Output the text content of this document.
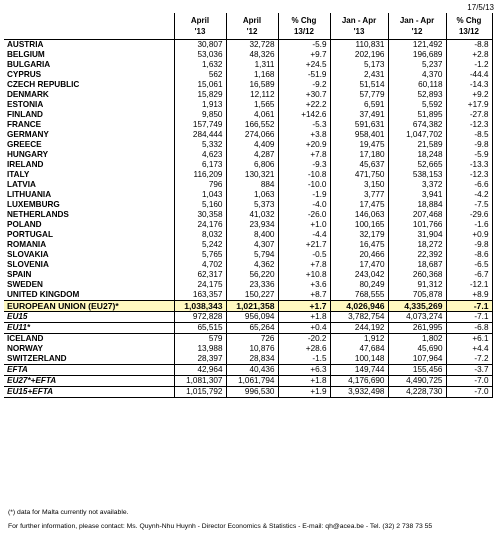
17/5/13
	April	April	% Chg	Jan - Apr	Jan - Apr	% Chg
	'13	'12	13/12	'13	'12	13/12
AUSTRIA	30,807	32,728	-5.9	110,831	121,492	-8.8
BELGIUM	53,036	48,326	+9.7	202,196	196,689	+2.8
BULGARIA	1,632	1,311	+24.5	5,173	5,237	-1.2
CYPRUS	562	1,168	-51.9	2,431	4,370	-44.4
CZECH REPUBLIC	15,061	16,589	-9.2	51,514	60,118	-14.3
DENMARK	15,829	12,112	+30.7	57,779	52,893	+9.2
ESTONIA	1,913	1,565	+22.2	6,591	5,592	+17.9
FINLAND	9,850	4,061	+142.6	37,491	51,895	-27.8
FRANCE	157,749	166,552	-5.3	591,631	674,382	-12.3
GERMANY	284,444	274,066	+3.8	958,401	1,047,702	-8.5
GREECE	5,332	4,409	+20.9	19,475	21,589	-9.8
HUNGARY	4,623	4,287	+7.8	17,180	18,248	-5.9
IRELAND	6,173	6,806	-9.3	45,637	52,665	-13.3
ITALY	116,209	130,321	-10.8	471,750	538,153	-12.3
LATVIA	796	884	-10.0	3,150	3,372	-6.6
LITHUANIA	1,043	1,063	-1.9	3,777	3,941	-4.2
LUXEMBURG	5,160	5,373	-4.0	17,475	18,884	-7.5
NETHERLANDS	30,358	41,032	-26.0	146,063	207,468	-29.6
POLAND	24,176	23,934	+1.0	100,165	101,766	-1.6
PORTUGAL	8,032	8,400	-4.4	32,179	31,904	+0.9
ROMANIA	5,242	4,307	+21.7	16,475	18,272	-9.8
SLOVAKIA	5,765	5,794	-0.5	20,466	22,392	-8.6
SLOVENIA	4,702	4,362	+7.8	17,470	18,687	-6.5
SPAIN	62,317	56,220	+10.8	243,042	260,368	-6.7
SWEDEN	24,175	23,336	+3.6	80,249	91,312	-12.1
UNITED KINGDOM	163,357	150,227	+8.7	768,555	705,878	+8.9
EUROPEAN UNION (EU27)*	1,038,343	1,021,358	+1.7	4,026,946	4,335,269	-7.1
EU15	972,828	956,094	+1.8	3,782,754	4,073,274	-7.1
EU11*	65,515	65,264	+0.4	244,192	261,995	-6.8
ICELAND	579	726	-20.2	1,912	1,802	+6.1
NORWAY	13,988	10,876	+28.6	47,684	45,690	+4.4
SWITZERLAND	28,397	28,834	-1.5	100,148	107,964	-7.2
EFTA	42,964	40,436	+6.3	149,744	155,456	-3.7
EU27*+EFTA	1,081,307	1,061,794	+1.8	4,176,690	4,490,725	-7.0
EU15+EFTA	1,015,792	996,530	+1.9	3,932,498	4,228,730	-7.0
(*) data for Malta currently not available.
For further information, please contact: Ms. Quynh-Nhu Huynh - Director Economics & Statistics - E-mail: qh@acea.be - Tel. (32) 2 738 73 55
